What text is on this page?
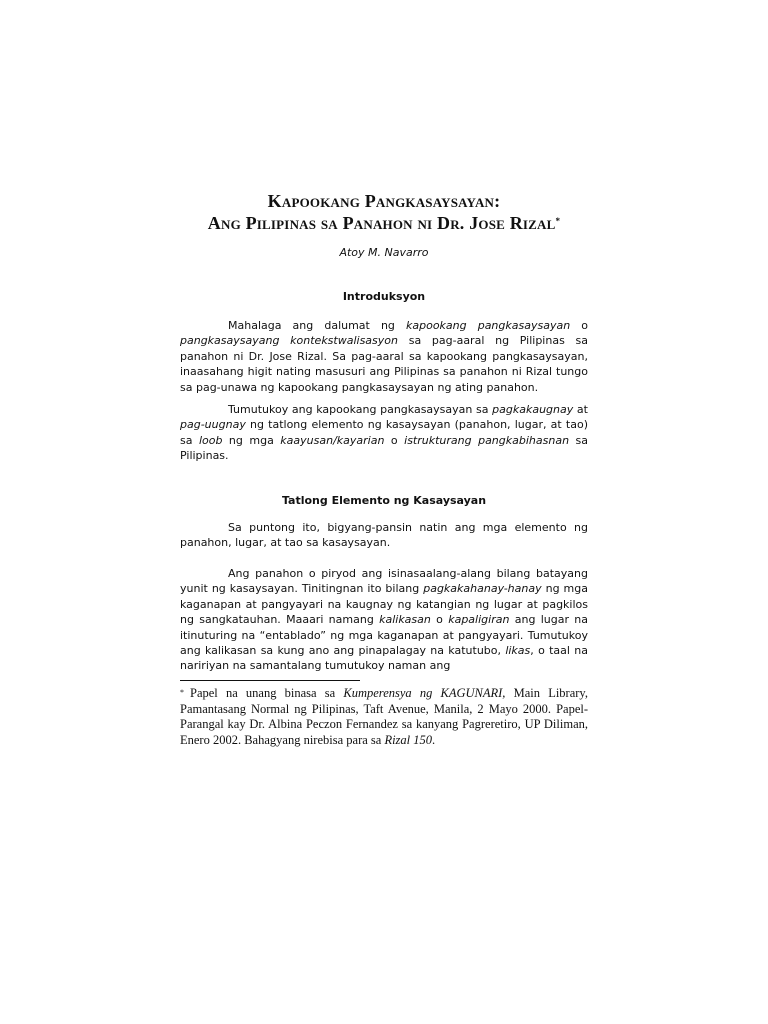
Kapookang Pangkasaysayan:
Ang Pilipinas sa Panahon ni Dr. Jose Rizal*
Atoy M. Navarro
Introduksyon
Mahalaga ang dalumat ng kapookang pangkasaysayan o pangkasaysayang kontekstwalisasyon sa pag-aaral ng Pilipinas sa panahon ni Dr. Jose Rizal. Sa pag-aaral sa kapookang pangkasaysayan, inaasahang higit nating masusuri ang Pilipinas sa panahon ni Rizal tungo sa pag-unawa ng kapookang pangkasaysayan ng ating panahon.
Tumutukoy ang kapookang pangkasaysayan sa pagkakaugnay at pag-uugnay ng tatlong elemento ng kasaysayan (panahon, lugar, at tao) sa loob ng mga kaayusan/kayarian o istrukturang pangkabihasnan sa Pilipinas.
Tatlong Elemento ng Kasaysayan
Sa puntong ito, bigyang-pansin natin ang mga elemento ng panahon, lugar, at tao sa kasaysayan.
Ang panahon o piryod ang isinasaalang-alang bilang batayang yunit ng kasaysayan. Tinitingnan ito bilang pagkakahanay-hanay ng mga kaganapan at pangyayari na kaugnay ng katangian ng lugar at pagkilos ng sangkatauhan. Maaari namang kalikasan o kapaligiran ang lugar na itinuturing na “entablado” ng mga kaganapan at pangyayari. Tumutukoy ang kalikasan sa kung ano ang pinapalagay na katutubo, likas, o taal na naririyan na samantalang tumutukoy naman ang
* Papel na unang binasa sa Kumperensya ng KAGUNARI, Main Library, Pamantasang Normal ng Pilipinas, Taft Avenue, Manila, 2 Mayo 2000. Papel-Parangal kay Dr. Albina Peczon Fernandez sa kanyang Pagreretiro, UP Diliman, Enero 2002. Bahagyang nirebisa para sa Rizal 150.
